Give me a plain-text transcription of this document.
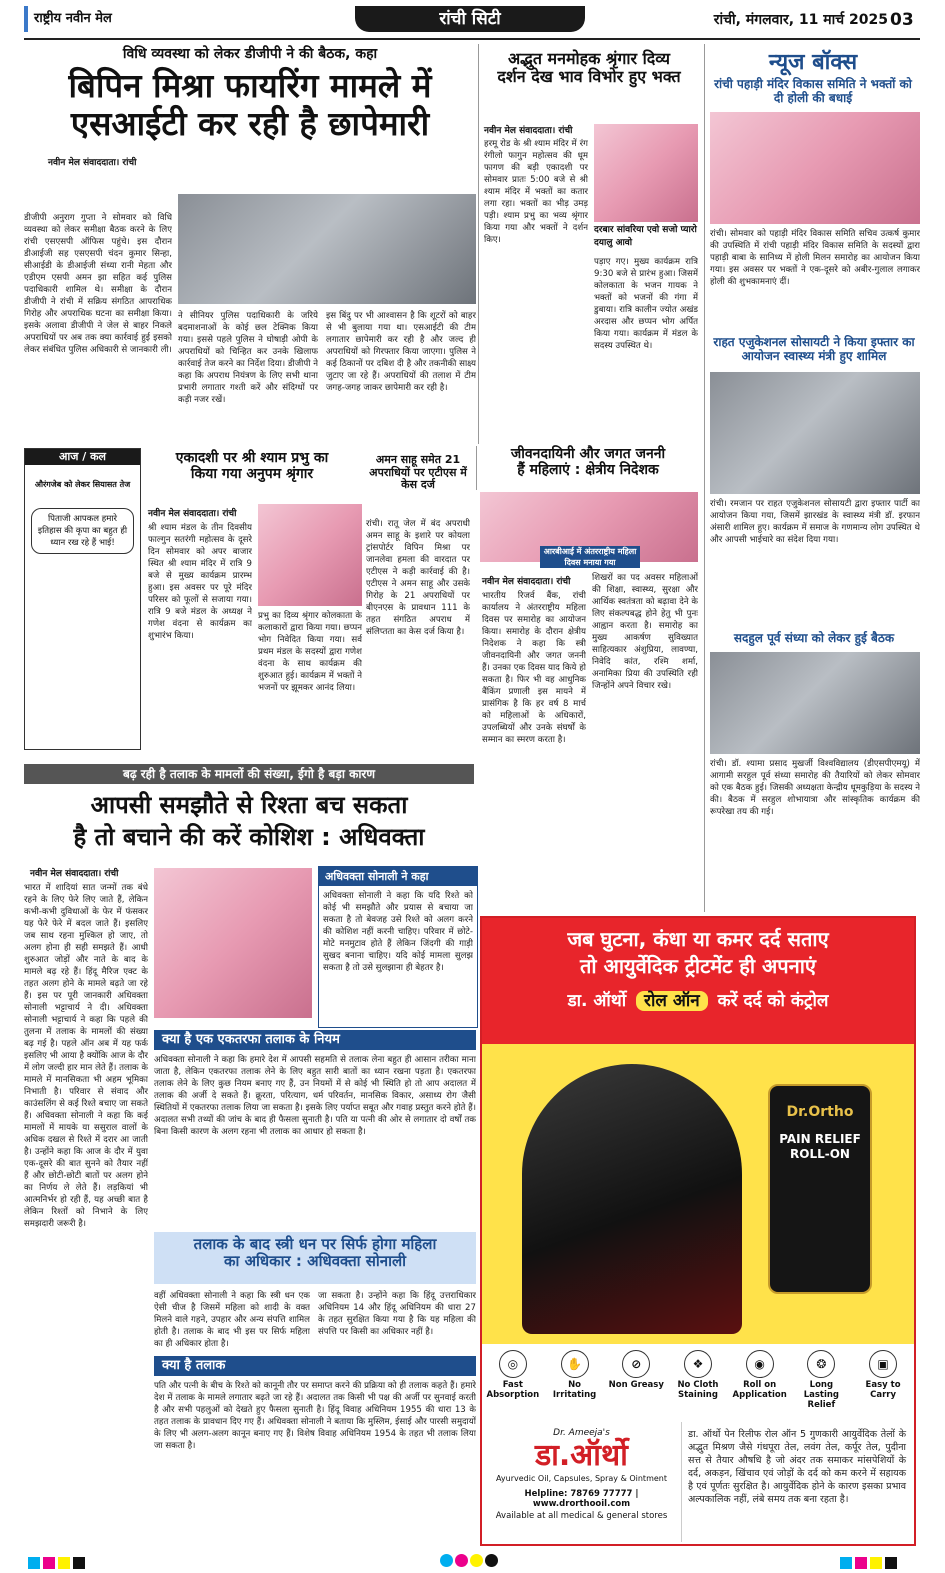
राष्ट्रीय नवीन मेल	रांची सिटी	रांची, मंगलवार, 11 मार्च 2025 03
विधि व्यवस्था को लेकर डीजीपी ने की बैठक, कहा
बिपिन मिश्रा फायरिंग मामले में
एसआईटी कर रही है छापेमारी
नवीन मेल संवाददाता। रांची
डीजीपी अनुराग गुप्ता ने सोमवार को विधि व्यवस्था को लेकर समीक्षा बैठक करने के लिए रांची एसएसपी ऑफिस पहुंचे। इस दौरान डीआईजी सह एसएसपी चंदन कुमार सिन्हा, सीआईडी के डीआईजी संध्या रानी मेहता और एडीएम एसपी अमन झा सहित कई पुलिस पदाधिकारी शामिल थे। समीक्षा के दौरान डीजीपी ने रांची में सक्रिय संगठित आपराधिक गिरोह और अपराधिक घटना का समीक्षा किया। इसके अलावा डीजीपी ने जेल से बाहर निकले अपराधियों पर अब तक क्या कार्रवाई हुई इसको लेकर संबंधित पुलिस अधिकारी से जानकारी ली।
ने सीनियर पुलिस पदाधिकारी के जरिये बदमाशनाओं के कोई छल टेक्निक किया गया। इससे पहले पुलिस ने घोषाड़ी ओपी के अपराधियों को चिन्हित कर उनके खिलाफ कार्रवाई तेज करने का निर्देश दिया। डीजीपी ने कहा कि अपराध नियंत्रण के लिए सभी थाना प्रभारी लगातार गश्ती करें और संदिग्धों पर कड़ी नजर रखें।
इस बिंदु पर भी आश्वासन है कि शूटरों को बाहर से भी बुलाया गया था। एसआईटी की टीम लगातार छापेमारी कर रही है और जल्द ही अपराधियों को गिरफ्तार किया जाएगा। पुलिस ने कई ठिकानों पर दबिश दी है और तकनीकी साक्ष्य जुटाए जा रहे हैं। अपराधियों की तलाश में टीम जगह-जगह जाकर छापेमारी कर रही है।
अद्भुत मनमोहक श्रृंगार दिव्य
दर्शन देख भाव विभोर हुए भक्त
नवीन मेल संवाददाता। रांची
हरमू रोड के श्री श्याम मंदिर में रंग रंगीलो फागुन महोत्सव की धूम फागण की बड़ी एकादशी पर सोमवार प्रातः 5:00 बजे से श्री श्याम मंदिर में भक्तों का कतार लगा रहा। भक्तों का भीड़ उमड़ पड़ी। श्याम प्रभु का भव्य श्रृंगार किया गया और भक्तों ने दर्शन किए।
दरबार सांवरिया एवो सजो प्यारो दयालु आवो
पड़ाए गए। मुख्य कार्यक्रम रात्रि 9:30 बजे से प्रारंभ हुआ। जिसमें कोलकाता के भजन गायक ने भक्तों को भजनों की गंगा में डुबाया। रात्रि कालीन ज्योत अखंड अरदास और छप्पन भोग अर्पित किया गया। कार्यक्रम में मंडल के सदस्य उपस्थित थे।
न्यूज बॉक्स
रांची पहाड़ी मंदिर विकास समिति ने भक्तों को दी होली की बधाई
रांची। सोमवार को पहाड़ी मंदिर विकास समिति सचिव उत्कर्ष कुमार की उपस्थिति में रांची पहाड़ी मंदिर विकास समिति के सदस्यों द्वारा पहाड़ी बाबा के सानिध्य में होली मिलन समारोह का आयोजन किया गया। इस अवसर पर भक्तों ने एक-दूसरे को अबीर-गुलाल लगाकर होली की शुभकामनाएं दीं।
राहत एजुकेशनल सोसायटी ने किया इफ्तार का आयोजन स्वास्थ्य मंत्री हुए शामिल
रांची। रमजान पर राहत एजुकेशनल सोसायटी द्वारा इफ्तार पार्टी का आयोजन किया गया, जिसमें झारखंड के स्वास्थ्य मंत्री डॉ. इरफान अंसारी शामिल हुए। कार्यक्रम में समाज के गणमान्य लोग उपस्थित थे और आपसी भाईचारे का संदेश दिया गया।
सदहुल पूर्व संध्या को लेकर हुई बैठक
रांची। डॉ. श्यामा प्रसाद मुखर्जी विश्वविद्यालय (डीएसपीएमयू) में आगामी सरहुल पूर्व संध्या समारोह की तैयारियों को लेकर सोमवार को एक बैठक हुई। जिसकी अध्यक्षता केन्द्रीय धूमकुड़िया के सदस्य ने की। बैठक में सरहुल शोभायात्रा और सांस्कृतिक कार्यक्रम की रूपरेखा तय की गई।
आज / कल
औरंगजेब को लेकर सियासत तेज
पिताजी आपकल हमारे इतिहास की कृपा का बहुत ही ध्यान रख रहे हैं भाई!
एकादशी पर श्री श्याम प्रभु का
किया गया अनुपम श्रृंगार
नवीन मेल संवाददाता। रांची
श्री श्याम मंडल के तीन दिवसीय फाल्गुन सतरंगी महोत्सव के दूसरे दिन सोमवार को अपर बाजार स्थित श्री श्याम मंदिर में रात्रि 9 बजे से मुख्य कार्यक्रम प्रारम्भ हुआ। इस अवसर पर पूरे मंदिर परिसर को फूलों से सजाया गया। रात्रि 9 बजे मंडल के अध्यक्ष ने गणेश वंदना से कार्यक्रम का शुभारंभ किया।
प्रभु का दिव्य श्रृंगार कोलकाता के कलाकारों द्वारा किया गया। छप्पन भोग निवेदित किया गया। सर्व प्रथम मंडल के सदस्यों द्वारा गणेश वंदना के साथ कार्यक्रम की शुरुआत हुई। कार्यक्रम में भक्तों ने भजनों पर झूमकर आनंद लिया।
अमन साहू समेत 21 अपराधियों पर एटीएस में केस दर्ज
रांची। रातू जेल में बंद अपराधी अमन साहू के इशारे पर कोयला ट्रांसपोर्टर विपिन मिश्रा पर जानलेवा हमला की वारदात पर एटीएस ने कड़ी कार्रवाई की है। एटीएस ने अमन साहू और उसके गिरोह के 21 अपराधियों पर बीएनएस के प्रावधान 111 के तहत संगठित अपराध में संलिप्तता का केस दर्ज किया है।
जीवनदायिनी और जगत जननी
हैं महिलाएं : क्षेत्रीय निदेशक
आरबीआई में अंतरराष्ट्रीय महिला दिवस मनाया गया
नवीन मेल संवाददाता। रांची
भारतीय रिजर्व बैंक, रांची कार्यालय ने अंतरराष्ट्रीय महिला दिवस पर समारोह का आयोजन किया। समारोह के दौरान क्षेत्रीय निदेशक ने कहा कि स्त्री जीवनदायिनी और जगत जननी हैं। उनका एक दिवस याद किये हो सकता है। फिर भी वह आधुनिक बैंकिंग प्रणाली इस मायने में प्रासंगिक है कि हर वर्ष 8 मार्च को महिलाओं के अधिकारों, उपलब्धियों और उनके संघर्षों के सम्मान का स्मरण करता है।
शिखरों का पद अवसर महिलाओं की शिक्षा, स्वास्थ्य, सुरक्षा और आर्थिक स्वतंत्रता को बढ़ावा देने के लिए संकल्पबद्ध होने हेतु भी पुनः आह्वान करता है। समारोह का मुख्य आकर्षण सुविख्यात साहित्यकार अंशुप्रिया, लावण्या, निवेदि कांत, रश्मि शर्मा, अनामिका प्रिया की उपस्थिति रही जिन्होंने अपने विचार रखे।
बढ़ रही है तलाक के मामलों की संख्या, ईगो है बड़ा कारण
आपसी समझौते से रिश्ता बच सकता
है तो बचाने की करें कोशिश : अधिवक्ता
नवीन मेल संवाददाता। रांची
भारत में शादियां सात जन्मों तक बंधे रहने के लिए फेरे लिए जाते हैं, लेकिन कभी-कभी दुविधाओं के फेर में फंसकर यह फेरे फेरे में बदल जाते हैं। इसलिए जब साथ रहना मुश्किल हो जाए, तो अलग होना ही सही समझते हैं। आधी शुरुआत जोड़ों और नाते के बाद के मामले बढ़ रहे हैं। हिंदू मैरिज एक्ट के तहत अलग होने के मामले बढ़ते जा रहे हैं। इस पर पूरी जानकारी अधिवक्ता सोनाली भट्टाचार्य ने दी। अधिवक्ता सोनाली भट्टाचार्य ने कहा कि पहले की तुलना में तलाक के मामलों की संख्या बढ़ गई है। पहले ऑन अब में यह फर्क इसलिए भी आया है क्योंकि आज के दौर में लोग जल्दी हार मान लेते हैं। तलाक के मामले में मानसिकता भी अहम भूमिका निभाती है। परिवार से संवाद और काउंसलिंग से कई रिश्ते बचाए जा सकते हैं। अधिवक्ता सोनाली ने कहा कि कई मामलों में मायके या ससुराल वालों के अधिक दखल से रिश्ते में दरार आ जाती है। उन्होंने कहा कि आज के दौर में युवा एक-दूसरे की बात सुनने को तैयार नहीं हैं और छोटी-छोटी बातों पर अलग होने का निर्णय ले लेते हैं। लड़कियां भी आत्मनिर्भर हो रही हैं, यह अच्छी बात है लेकिन रिश्तों को निभाने के लिए समझदारी जरूरी है।
अधिवक्ता सोनाली ने कहा
अधिवक्ता सोनाली ने कहा कि यदि रिश्ते को कोई भी समझौते और प्रयास से बचाया जा सकता है तो बेवजह उसे रिश्ते को अलग करने की कोशिश नहीं करनी चाहिए। परिवार में छोटे-मोटे मनमुटाव होते हैं लेकिन जिंदगी की गाड़ी सुखद बनाना चाहिए। यदि कोई मामला सुलझ सकता है तो उसे सुलझाना ही बेहतर है।
क्या है एक एकतरफा तलाक के नियम
अधिवक्ता सोनाली ने कहा कि हमारे देश में आपसी सहमति से तलाक लेना बहुत ही आसान तरीका माना जाता है, लेकिन एकतरफा तलाक लेने के लिए बहुत सारी बातों का ध्यान रखना पड़ता है। एकतरफा तलाक लेने के लिए कुछ नियम बनाए गए हैं, उन नियमों में से कोई भी स्थिति हो तो आप अदालत में तलाक की अर्जी दे सकते हैं। क्रूरता, परित्याग, धर्म परिवर्तन, मानसिक विकार, असाध्य रोग जैसी स्थितियों में एकतरफा तलाक लिया जा सकता है। इसके लिए पर्याप्त सबूत और गवाह प्रस्तुत करने होते हैं। अदालत सभी तथ्यों की जांच के बाद ही फैसला सुनाती है। पति या पत्नी की ओर से लगातार दो वर्षों तक बिना किसी कारण के अलग रहना भी तलाक का आधार हो सकता है।
तलाक के बाद स्त्री धन पर सिर्फ होगा महिला
का अधिकार : अधिवक्ता सोनाली
वहीं अधिवक्ता सोनाली ने कहा कि स्त्री धन एक ऐसी चीज है जिसमें महिला को शादी के वक्त मिलने वाले गहने, उपहार और अन्य संपत्ति शामिल होती है। तलाक के बाद भी इस पर सिर्फ महिला का ही अधिकार होता है।
जा सकता है। उन्होंने कहा कि हिंदू उत्तराधिकार अधिनियम 14 और हिंदू अधिनियम की धारा 27 के तहत सुरक्षित किया गया है कि यह महिला की संपत्ति पर किसी का अधिकार नहीं है।
क्या है तलाक
पति और पत्नी के बीच के रिश्ते को कानूनी तौर पर समाप्त करने की प्रक्रिया को ही तलाक कहते हैं। हमारे देश में तलाक के मामले लगातार बढ़ते जा रहे हैं। अदालत तक किसी भी पक्ष की अर्जी पर सुनवाई करती है और सभी पहलुओं को देखते हुए फैसला सुनाती है। हिंदू विवाह अधिनियम 1955 की धारा 13 के तहत तलाक के प्रावधान दिए गए हैं। अधिवक्ता सोनाली ने बताया कि मुस्लिम, ईसाई और पारसी समुदायों के लिए भी अलग-अलग कानून बनाए गए हैं। विशेष विवाह अधिनियम 1954 के तहत भी तलाक लिया जा सकता है।
जब घुटना, कंधा या कमर दर्द सताए
तो आयुर्वेदिक ट्रीटमेंट ही अपनाएं
डा. ऑर्थो रोल ऑन करें दर्द को कंट्रोल
Dr.Ortho
PAIN RELIEF ROLL-ON
◎
Fast Absorption
✋
No Irritating
⊘
Non Greasy
❖
No Cloth Staining
◉
Roll on Application
❂
Long Lasting Relief
▣
Easy to Carry
Dr. Ameeja's
डा.ऑर्थो
Ayurvedic Oil, Capsules, Spray & Ointment
Helpline: 78769 77777 | www.drorthooil.com
Available at all medical & general stores
डा. ऑर्थो पेन रिलीफ रोल ऑन 5 गुणकारी आयुर्वेदिक तेलों के अद्भुत मिश्रण जैसे गंधपूरा तेल, लवंग तेल, कर्पूर तेल, पुदीना सत्त से तैयार औषधि है जो अंदर तक समाकर मांसपेशियों के दर्द, अकड़न, खिंचाव एवं जोड़ों के दर्द को कम करने में सहायक है एवं पूर्णतः सुरक्षित है। आयुर्वेदिक होने के कारण इसका प्रभाव अल्पकालिक नहीं, लंबे समय तक बना रहता है।
